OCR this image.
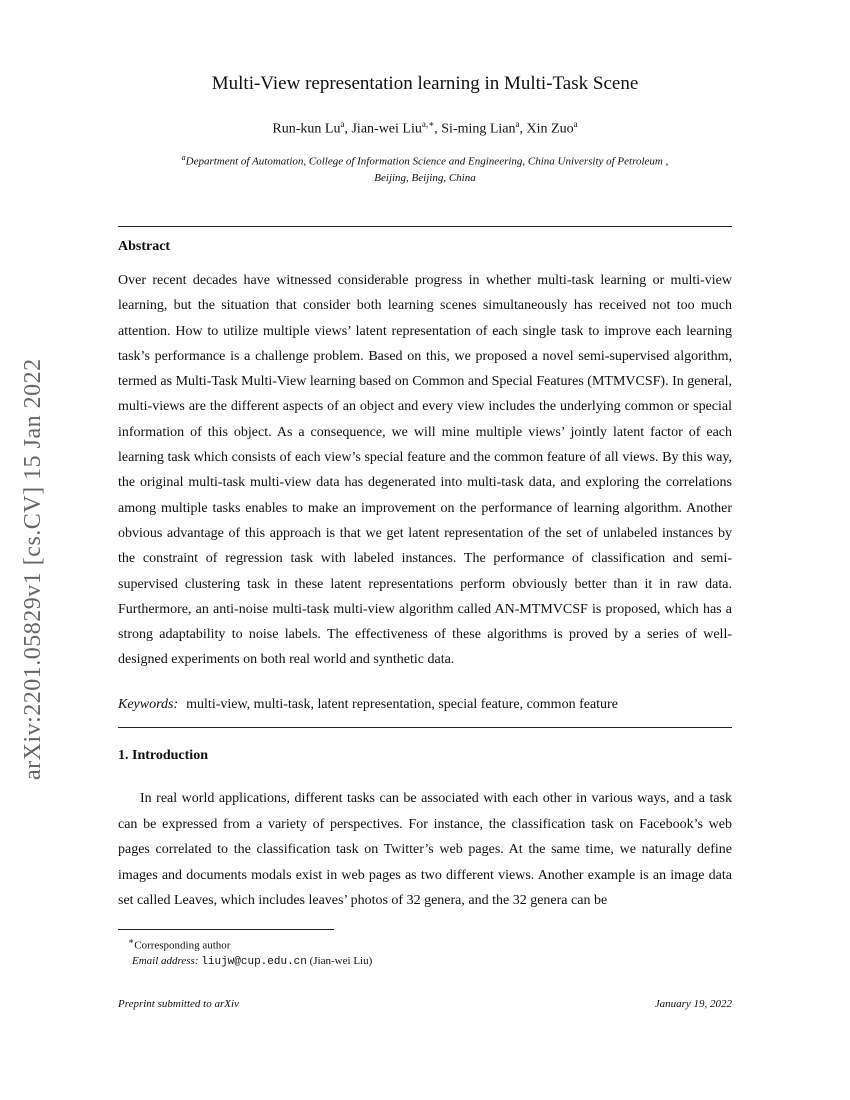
arXiv:2201.05829v1 [cs.CV] 15 Jan 2022
Multi-View representation learning in Multi-Task Scene
Run-kun Lu$^a$, Jian-wei Liu$^{a,∗}$, Si-ming Lian$^a$, Xin Zuo$^a$
$^a$Department of Automation, College of Information Science and Engineering, China University of Petroleum ,
Beijing, Beijing, China
Abstract

Over recent decades have witnessed considerable progress in whether multi-task learning or multi-view learning, but the situation that consider both learning scenes simultaneously has received not too much attention. How to utilize multiple views’ latent representation of each single task to improve each learning task’s performance is a challenge problem. Based on this, we proposed a novel semi-supervised algorithm, termed as Multi-Task Multi-View learning based on Common and Special Features (MTMVCSF). In general, multi-views are the different aspects of an object and every view includes the underlying common or special information of this object. As a consequence, we will mine multiple views’ jointly latent factor of each learning task which consists of each view’s special feature and the common feature of all views. By this way, the original multi-task multi-view data has degenerated into multi-task data, and exploring the correlations among multiple tasks enables to make an improvement on the performance of learning algorithm. Another obvious advantage of this approach is that we get latent representation of the set of unlabeled instances by the constraint of regression task with labeled instances. The performance of classification and semi-supervised clustering task in these latent representations perform obviously better than it in raw data. Furthermore, an anti-noise multi-task multi-view algorithm called AN-MTMVCSF is proposed, which has a strong adaptability to noise labels. The effectiveness of these algorithms is proved by a series of well-designed experiments on both real world and synthetic data.

Keywords: multi-view, multi-task, latent representation, special feature, common feature
1. Introduction

In real world applications, different tasks can be associated with each other in various ways, and a task can be expressed from a variety of perspectives. For instance, the classification task on Facebook’s web pages correlated to the classification task on Twitter’s web pages. At the same time, we naturally define images and documents modals exist in web pages as two different views. Another example is an image data set called Leaves, which includes leaves’ photos of 32 genera, and the 32 genera can be

∗Corresponding author
Email address: liujw@cup.edu.cn (Jian-wei Liu)
Preprint submitted to arXiv	January 19, 2022
